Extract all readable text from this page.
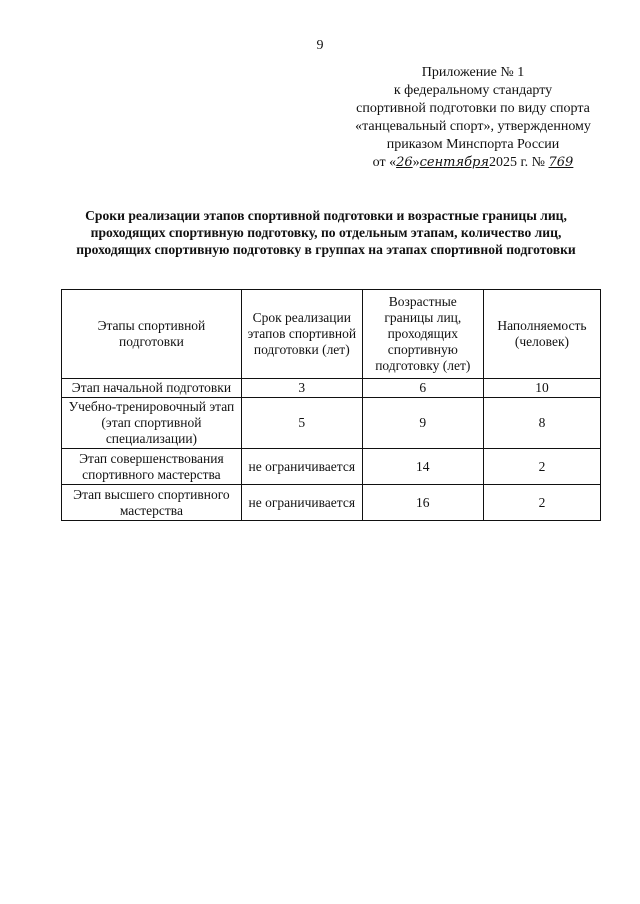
9
Приложение № 1
к федеральному стандарту
спортивной подготовки по виду спорта
«танцевальный спорт», утвержденному
приказом Минспорта России
от «26»сентября2025 г. № 769
Сроки реализации этапов спортивной подготовки и возрастные границы лиц, проходящих спортивную подготовку, по отдельным этапам, количество лиц, проходящих спортивную подготовку в группах на этапах спортивной подготовки
Этапы спортивной подготовки	Срок реализации этапов спортивной подготовки (лет)	Возрастные границы лиц, проходящих спортивную подготовку (лет)	Наполняемость (человек)
Этап начальной подготовки	3	6	10
Учебно-тренировочный этап (этап спортивной специализации)	5	9	8
Этап совершенствования спортивного мастерства	не ограничивается	14	2
Этап высшего спортивного мастерства	не ограничивается	16	2
